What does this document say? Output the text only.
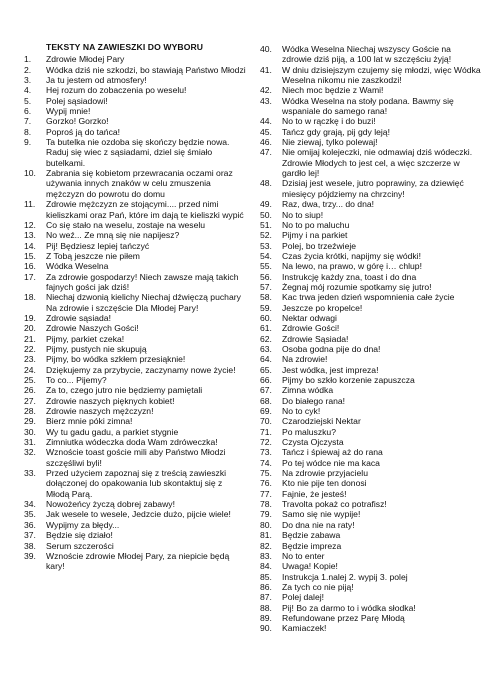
TEKSTY NA ZAWIESZKI DO WYBORU
1.	Zdrowie Młodej Pary
2.	Wódka dziś nie szkodzi, bo stawiają Państwo Młodzi
3.	Ja tu jestem od atmosfery!
4.	Hej rozum do zobaczenia po weselu!
5.	Polej sąsiadowi!
6.	Wypij mnie!
7.	Gorzko! Gorzko!
8.	Poproś ją do tańca!
9.	Ta butelka nie ozdoba się skończy będzie nowa. Raduj się wiec z sąsiadami, dziel się śmiało butelkami.
10.	Zabrania się kobietom przewracania oczami oraz używania innych znaków w celu zmuszenia mężczyzn do powrotu do domu
11.	Zdrowie mężczyzn ze stojącymi.... przed nimi kieliszkami oraz Pań, które im dają te kieliszki wypić
12.	Co się stało na weselu, zostaje na weselu
13.	No weź... Ze mną się nie napijesz?
14.	Pij! Będziesz lepiej tańczyć
15.	Z Tobą jeszcze nie piłem
16.	Wódka Weselna
17.	Za zdrowie gospodarzy! Niech zawsze mają takich fajnych gości jak dziś!
18.	Niechaj dzwonią kielichy Niechaj dźwięczą puchary Na zdrowie i szczęście Dla Młodej Pary!
19.	Zdrowie sąsiada!
20.	Zdrowie Naszych Gości!
21.	Pijmy, parkiet czeka!
22.	Pijmy, pustych nie skupują
23.	Pijmy, bo wódka szkłem przesiąknie!
24.	Dziękujemy za przybycie, zaczynamy nowe życie!
25.	To co... Pijemy?
26.	Za to, czego jutro nie będziemy pamiętali
27.	Zdrowie naszych pięknych kobiet!
28.	Zdrowie naszych mężczyzn!
29.	Bierz mnie póki zimna!
30.	Wy tu gadu gadu, a parkiet stygnie
31.	Zimniutka wódeczka doda Wam zdróweczka!
32.	Wznoście toast goście mili aby Państwo Młodzi szczęśliwi byli!
33.	Przed użyciem zapoznaj się z treścią zawieszki dołączonej do opakowania lub skontaktuj się z Młodą Parą.
34.	Nowożeńcy życzą dobrej zabawy!
35.	Jak wesele to wesele, Jedzcie dużo, pijcie wiele!
36.	Wypijmy za błędy...
37.	Będzie się działo!
38.	Serum szczerości
39.	Wznoście zdrowie Młodej Pary, za niepicie będą kary!
40.	Wódka Weselna Niechaj wszyscy Goście na zdrowie dziś piją, a 100 lat w szczęściu żyją!
41.	W dniu dzisiejszym czujemy się młodzi, więc Wódka Weselna nikomu nie zaszkodzi!
42.	Niech moc będzie z Wami!
43.	Wódka Weselna na stoły podana. Bawmy się wspaniale do samego rana!
44.	No to w rączkę i do buzi!
45.	Tańcz gdy grają, pij gdy leją!
46.	Nie ziewaj, tylko polewaj!
47.	Nie omijaj kolejeczki, nie odmawiaj dziś wódeczki. Zdrowie Młodych to jest cel, a więc szczerze w gardło lej!
48.	Dzisiaj jest wesele, jutro poprawiny, za dziewięć miesięcy pójdziemy na chrzciny!
49.	Raz, dwa, trzy... do dna!
50.	No to siup!
51.	No to po maluchu
52.	Pijmy i na parkiet
53.	Polej, bo trzeźwieje
54.	Czas życia krótki, napijmy się wódki!
55.	Na lewo, na prawo, w górę i… chlup!
56.	Instrukcję każdy zna, toast i do dna
57.	Żegnaj mój rozumie spotkamy się jutro!
58.	Kac trwa jeden dzień wspomnienia całe życie
59.	Jeszcze po kropelce!
60.	Nektar odwagi
61.	Zdrowie Gości!
62.	Zdrowie Sąsiada!
63.	Osoba godna pije do dna!
64.	Na zdrowie!
65.	Jest wódka, jest impreza!
66.	Pijmy bo szkło korzenie zapuszcza
67.	Zimna wódka
68.	Do białego rana!
69.	No to cyk!
70.	Czarodziejski Nektar
71.	Po maluszku?
72.	Czysta Ojczysta
73.	Tańcz i śpiewaj aż do rana
74.	Po tej wódce nie ma kaca
75.	Na zdrowie przyjacielu
76.	Kto nie pije ten donosi
77.	Fajnie, że jesteś!
78.	Travolta pokaż co potrafisz!
79.	Samo się nie wypije!
80.	Do dna nie na raty!
81.	Będzie zabawa
82.	Będzie impreza
83.	No to enter
84.	Uwaga! Kopie!
85.	Instrukcja 1.nalej 2. wypij 3. polej
86.	Za tych co nie piją!
87.	Polej dalej!
88.	Pij! Bo za darmo to i wódka słodka!
89.	Refundowane przez Parę Młodą
90.	Kamiaczek!
